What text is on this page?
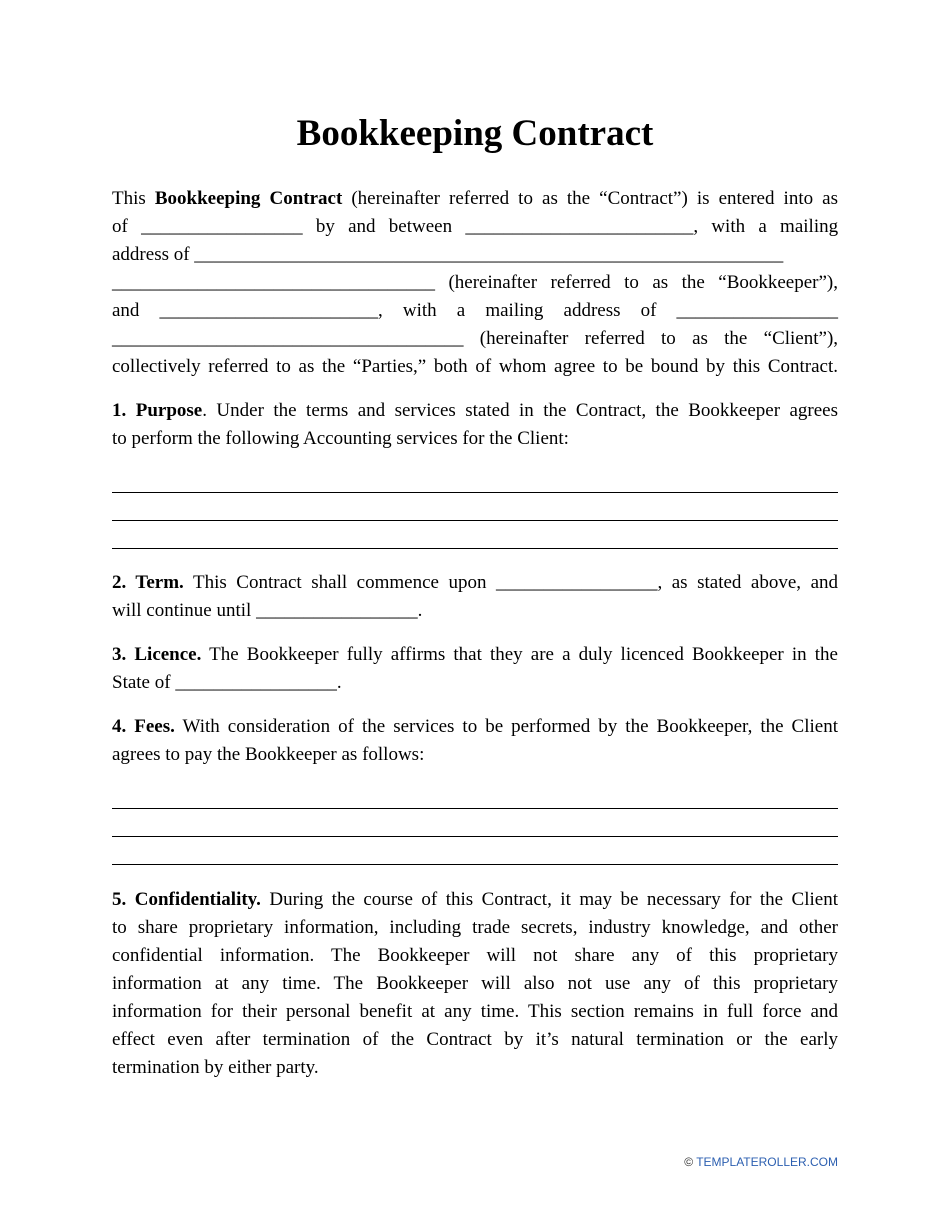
Bookkeeping Contract
This Bookkeeping Contract (hereinafter referred to as the “Contract”) is entered into as
of _________________ by and between ________________________, with a mailing
address of ______________________________________________________________
__________________________________ (hereinafter referred to as the “Bookkeeper”),
and _______________________, with a mailing address of _________________
_____________________________________ (hereinafter referred to as the “Client”),
collectively referred to as the “Parties,” both of whom agree to be bound by this Contract.
1. Purpose. Under the terms and services stated in the Contract, the Bookkeeper agrees
to perform the following Accounting services for the Client:
2. Term. This Contract shall commence upon _________________, as stated above, and
will continue until _________________.
3. Licence. The Bookkeeper fully affirms that they are a duly licenced Bookkeeper in the
State of _________________.
4. Fees. With consideration of the services to be performed by the Bookkeeper, the Client
agrees to pay the Bookkeeper as follows:
5. Confidentiality. During the course of this Contract, it may be necessary for the Client
to share proprietary information, including trade secrets, industry knowledge, and other
confidential information. The Bookkeeper will not share any of this proprietary
information at any time. The Bookkeeper will also not use any of this proprietary
information for their personal benefit at any time. This section remains in full force and
effect even after termination of the Contract by it’s natural termination or the early
termination by either party.
© TEMPLATEROLLER.COM
